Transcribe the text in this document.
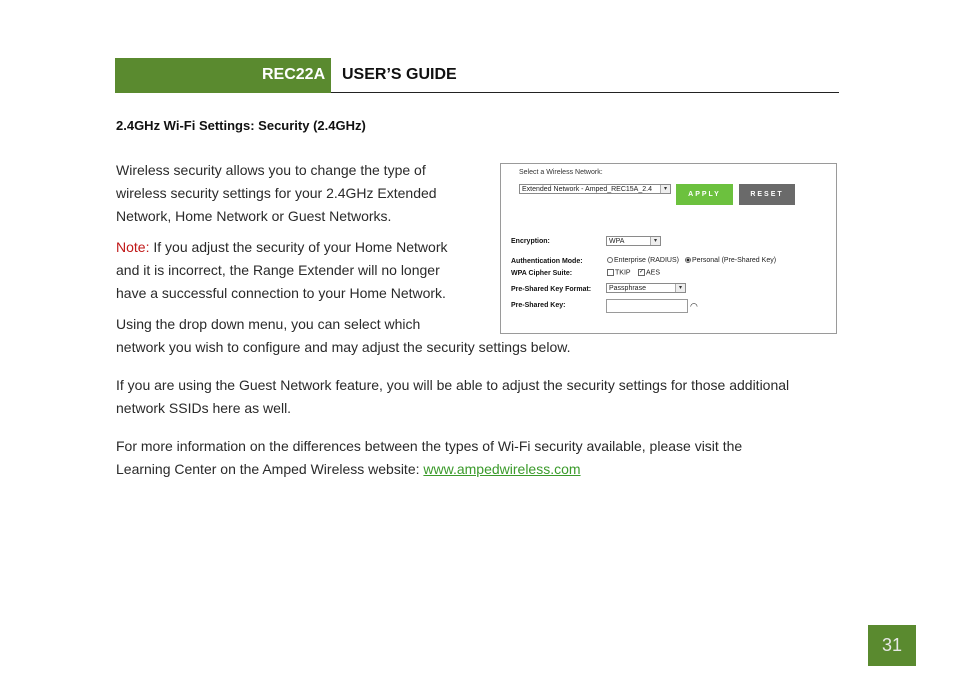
REC22A USER’S GUIDE
2.4GHz Wi-Fi Settings: Security (2.4GHz)
Wireless security allows you to change the type of
wireless security settings for your 2.4GHz Extended
Network, Home Network or Guest Networks.
Note: If you adjust the security of your Home Network
and it is incorrect, the Range Extender will no longer
have a successful connection to your Home Network.
Using the drop down menu, you can select which
network you wish to configure and may adjust the security settings below.
If you are using the Guest Network feature, you will be able to adjust the security settings for those additional
network SSIDs here as well.
For more information on the differences between the types of Wi-Fi security available, please visit the
Learning Center on the Amped Wireless website: www.ampedwireless.com
Select a Wireless Network:
Extended Network - Amped_REC15A_2.4	▾
APPLY	RESET
Encryption:	WPA	▾
Authentication Mode:	Enterprise (RADIUS)	Personal (Pre-Shared Key)
WPA Cipher Suite:	TKIP ✓ AES
Pre-Shared Key Format:	Passphrase	▾
Pre-Shared Key:	◠
31
